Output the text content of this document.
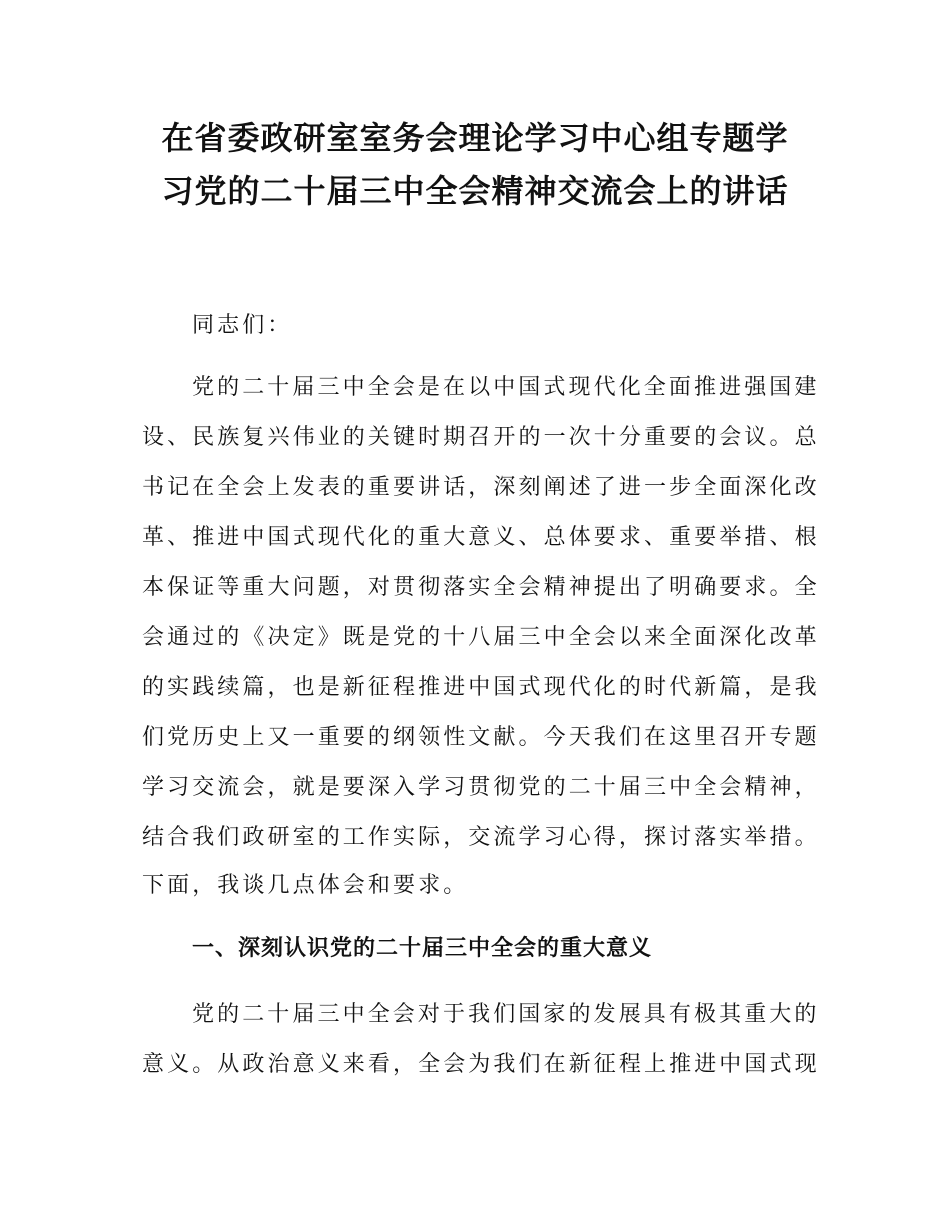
在省委政研室室务会理论学习中心组专题学
习党的二十届三中全会精神交流会上的讲话
同志们：
党的二十届三中全会是在以中国式现代化全面推进强国建
设、民族复兴伟业的关键时期召开的一次十分重要的会议。总
书记在全会上发表的重要讲话，深刻阐述了进一步全面深化改
革、推进中国式现代化的重大意义、总体要求、重要举措、根
本保证等重大问题，对贯彻落实全会精神提出了明确要求。全
会通过的《决定》既是党的十八届三中全会以来全面深化改革
的实践续篇，也是新征程推进中国式现代化的时代新篇，是我
们党历史上又一重要的纲领性文献。今天我们在这里召开专题
学习交流会，就是要深入学习贯彻党的二十届三中全会精神，
结合我们政研室的工作实际，交流学习心得，探讨落实举措。
下面，我谈几点体会和要求。
一、深刻认识党的二十届三中全会的重大意义
党的二十届三中全会对于我们国家的发展具有极其重大的
意义。从政治意义来看，全会为我们在新征程上推进中国式现
